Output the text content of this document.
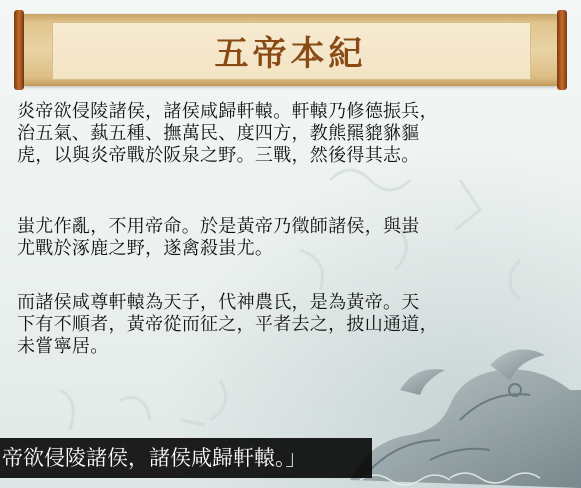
五帝本紀
炎帝欲侵陵諸侯，諸侯咸歸軒轅。軒轅乃修德振兵，
治五氣、蓺五種、撫萬民、度四方，教熊羆貔貅貙
虎，以與炎帝戰於阪泉之野。三戰，然後得其志。
蚩尤作亂，不用帝命。於是黃帝乃徵師諸侯，與蚩
尤戰於涿鹿之野，遂禽殺蚩尤。
而諸侯咸尊軒轅為天子，代神農氏，是為黃帝。天
下有不順者，黃帝從而征之，平者去之，披山通道，
未嘗寧居。
帝欲侵陵諸侯，諸侯咸歸軒轅。」
